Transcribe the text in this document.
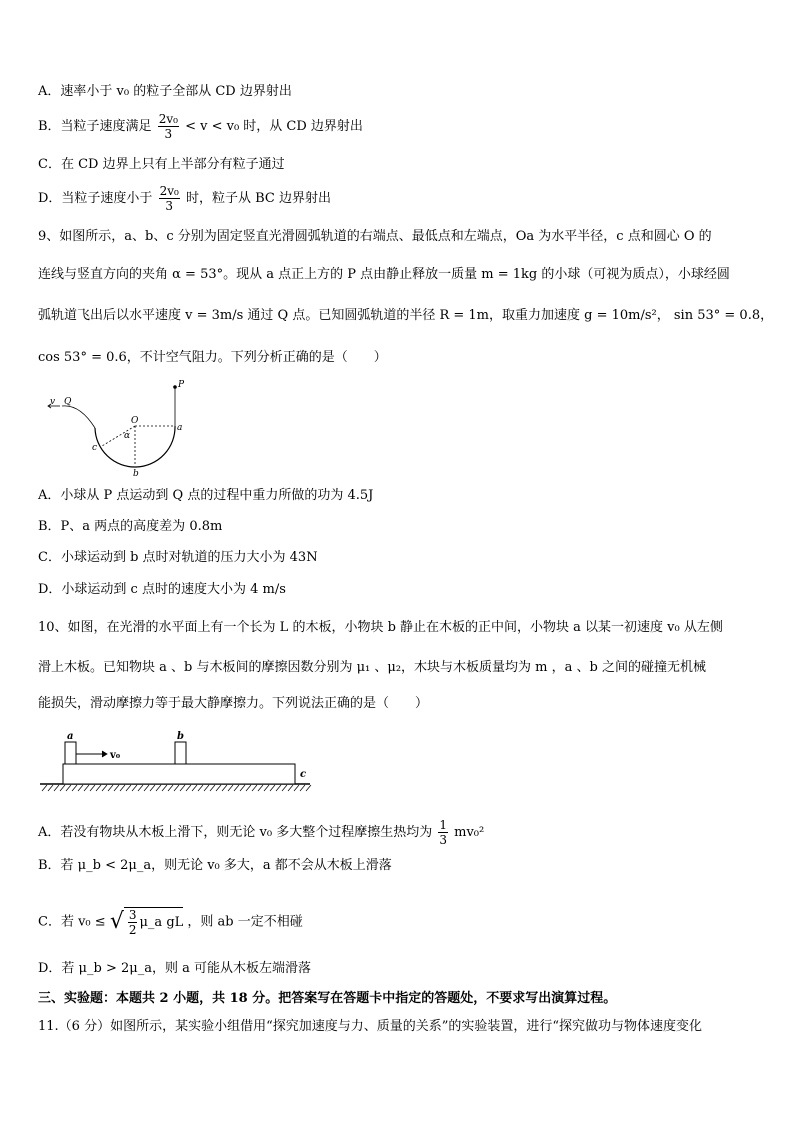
A．速率小于 v₀ 的粒子全部从 CD 边界射出
B．当粒子速度满足 $\frac{\text{2v₀}}{3} < v < v_0$ 时，从 CD 边界射出
C．在 CD 边界上只有上半部分有粒子通过
D．当粒子速度小于 $\frac{\text{2v₀}}{3}$ 时，粒子从 BC 边界射出
9、如图所示，a、b、c 分别为固定竖直光滑圆弧轨道的右端点、最低点和左端点，Oa 为水平半径，c 点和圆心 O 的
连线与竖直方向的夹角 α = 53°。现从 a 点正上方的 P 点由静止释放一质量 m = 1kg 的小球（可视为质点），小球经圆
弧轨道飞出后以水平速度 v = 3m/s 通过 Q 点。已知圆弧轨道的半径 R = 1m，取重力加速度 g = 10m/s²， sin 53° = 0.8，
cos 53° = 0.6，不计空气阻力。下列分析正确的是（　　）
v Q
P
O
a
α
c
b
A．小球从 P 点运动到 Q 点的过程中重力所做的功为 4.5J
B．P、a 两点的高度差为 0.8m
C．小球运动到 b 点时对轨道的压力大小为 43N
D．小球运动到 c 点时的速度大小为 4 m/s
10、如图，在光滑的水平面上有一个长为 L 的木板，小物块 b 静止在木板的正中间，小物块 a 以某一初速度 v₀ 从左侧
滑上木板。已知物块 a 、b 与木板间的摩擦因数分别为 μ₁ 、μ₂，木块与木板质量均为 m ，a 、b 之间的碰撞无机械
能损失，滑动摩擦力等于最大静摩擦力。下列说法正确的是（　　）
a	b
c
v₀
A．若没有物块从木板上滑下，则无论 v₀ 多大整个过程摩擦生热均为 $\frac{1}{3} mv_0^2$
B．若 μ_b < 2μ_a，则无论 v₀ 多大，a 都不会从木板上滑落
C．若 v₀ ≤ √ $\frac{3}{2}$ μ_a gL ，则 ab 一定不相碰
D．若 μ_b > 2μ_a，则 a 可能从木板左端滑落
三、实验题：本题共 2 小题，共 18 分。把答案写在答题卡中指定的答题处，不要求写出演算过程。
11.（6 分）如图所示，某实验小组借用“探究加速度与力、质量的关系”的实验装置，进行“探究做功与物体速度变化
